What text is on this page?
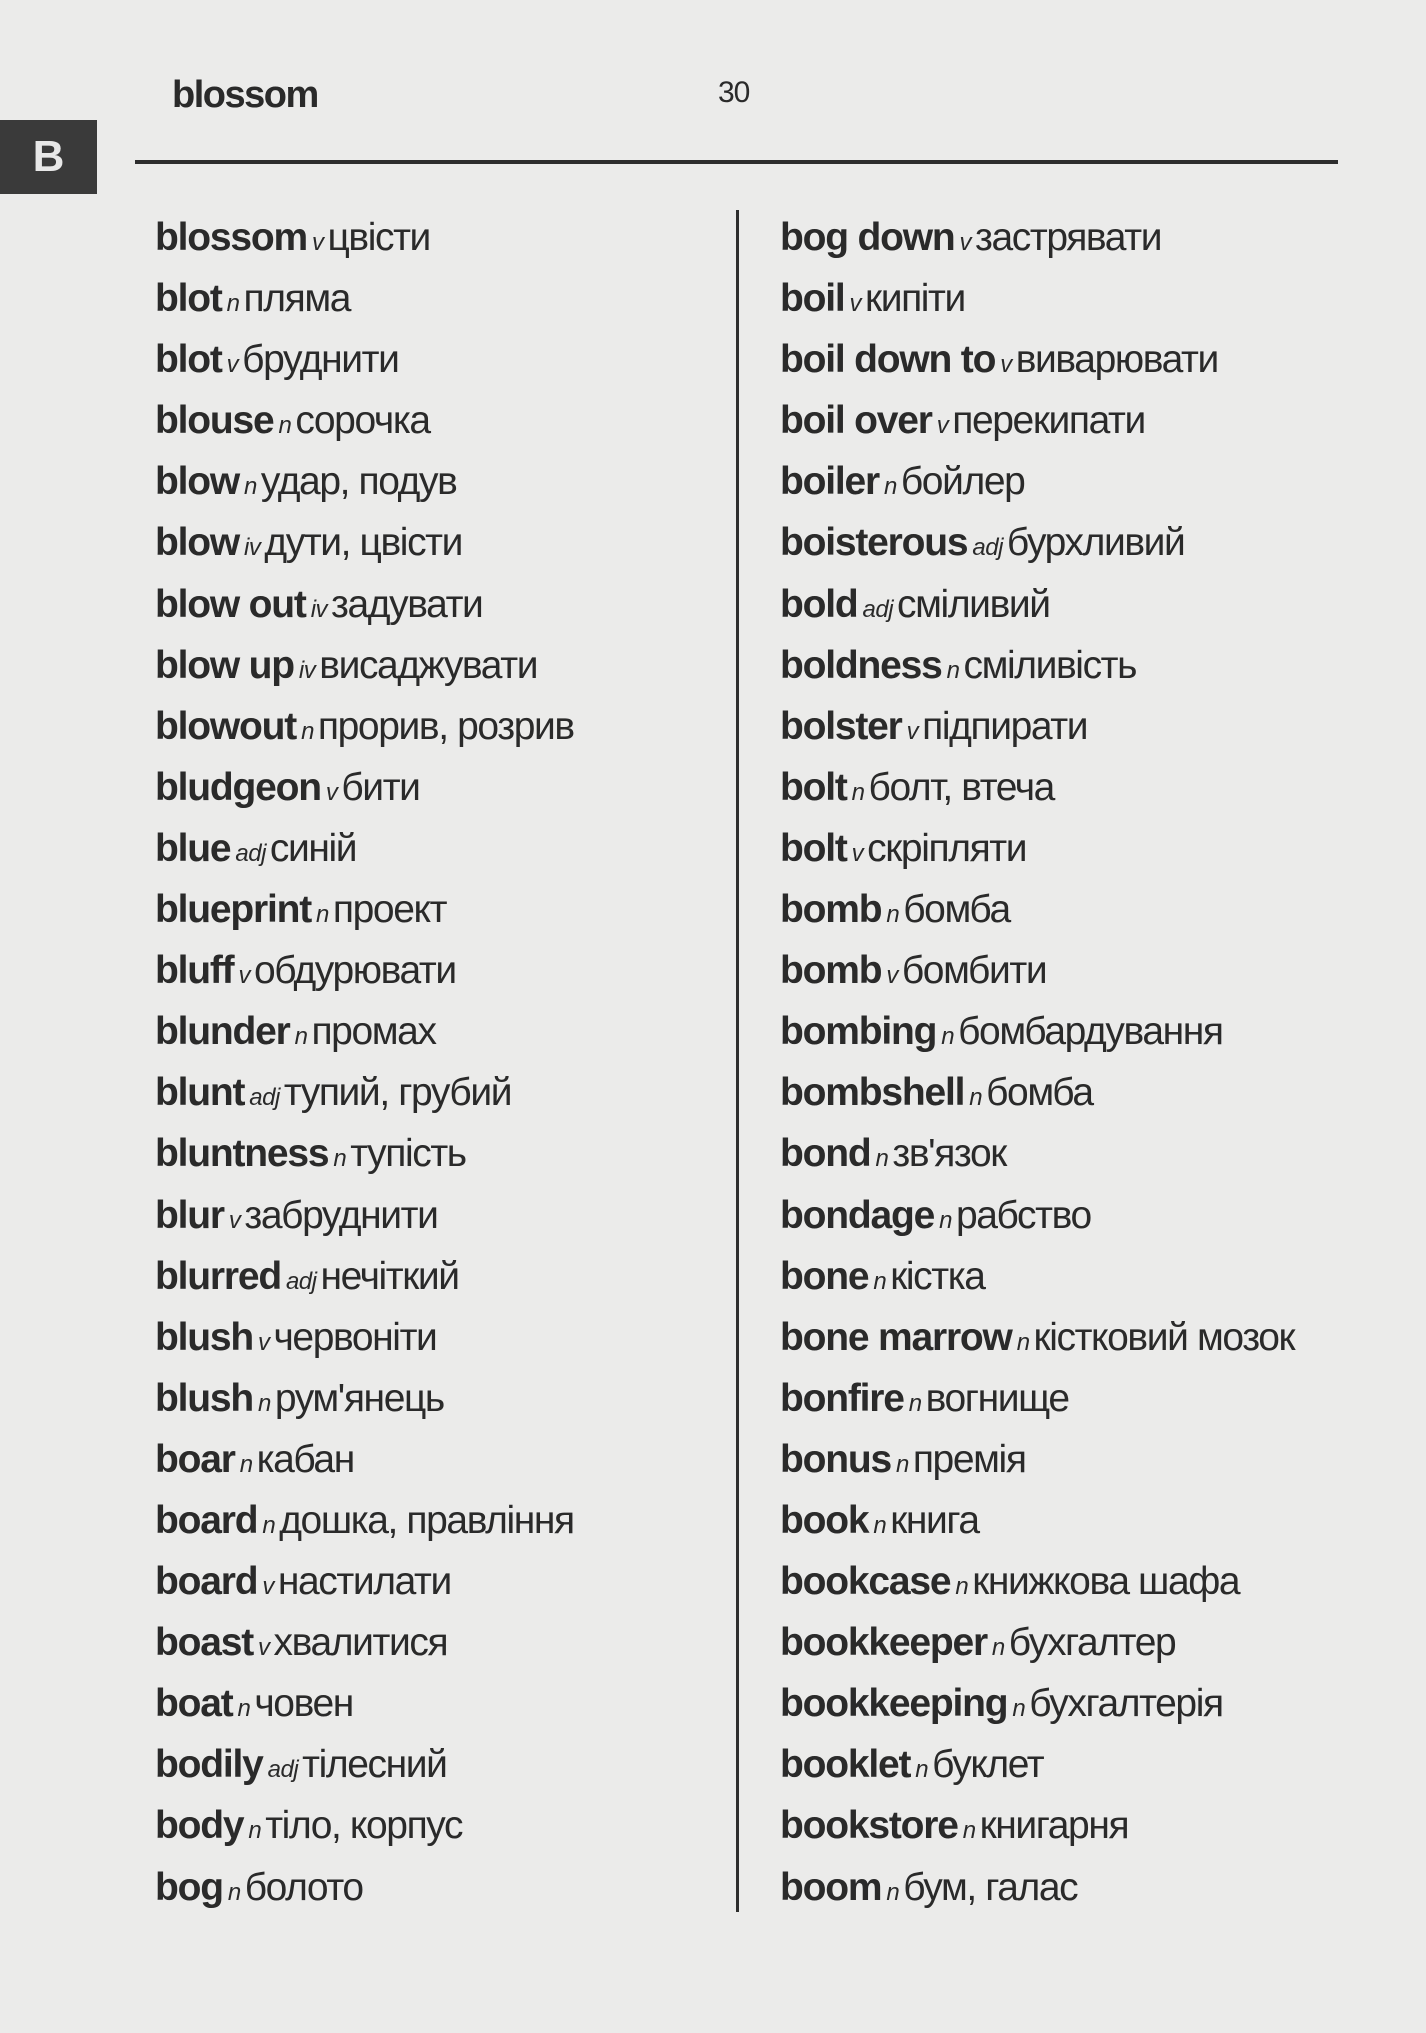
blossom	30
B
blossom v цвісти
blot n пляма
blot v бруднити
blouse n сорочка
blow n удар, подув
blow iv дути, цвісти
blow out iv задувати
blow up iv висаджувати
blowout n прорив, розрив
bludgeon v бити
blue adj синій
blueprint n проект
bluff v обдурювати
blunder n промах
blunt adj тупий, грубий
bluntness n тупість
blur v забруднити
blurred adj нечіткий
blush v червоніти
blush n рум'янець
boar n кабан
board n дошка, правління
board v настилати
boast v хвалитися
boat n човен
bodily adj тілесний
body n тіло, корпус
bog n болото
bog down v застрявати
boil v кипіти
boil down to v виварювати
boil over v перекипати
boiler n бойлер
boisterous adj бурхливий
bold adj сміливий
boldness n сміливість
bolster v підпирати
bolt n болт, втеча
bolt v скріпляти
bomb n бомба
bomb v бомбити
bombing n бомбардування
bombshell n бомба
bond n зв'язок
bondage n рабство
bone n кістка
bone marrow n кістковий мозок
bonfire n вогнище
bonus n премія
book n книга
bookcase n книжкова шафа
bookkeeper n бухгалтер
bookkeeping n бухгалтерія
booklet n буклет
bookstore n книгарня
boom n бум, галас
